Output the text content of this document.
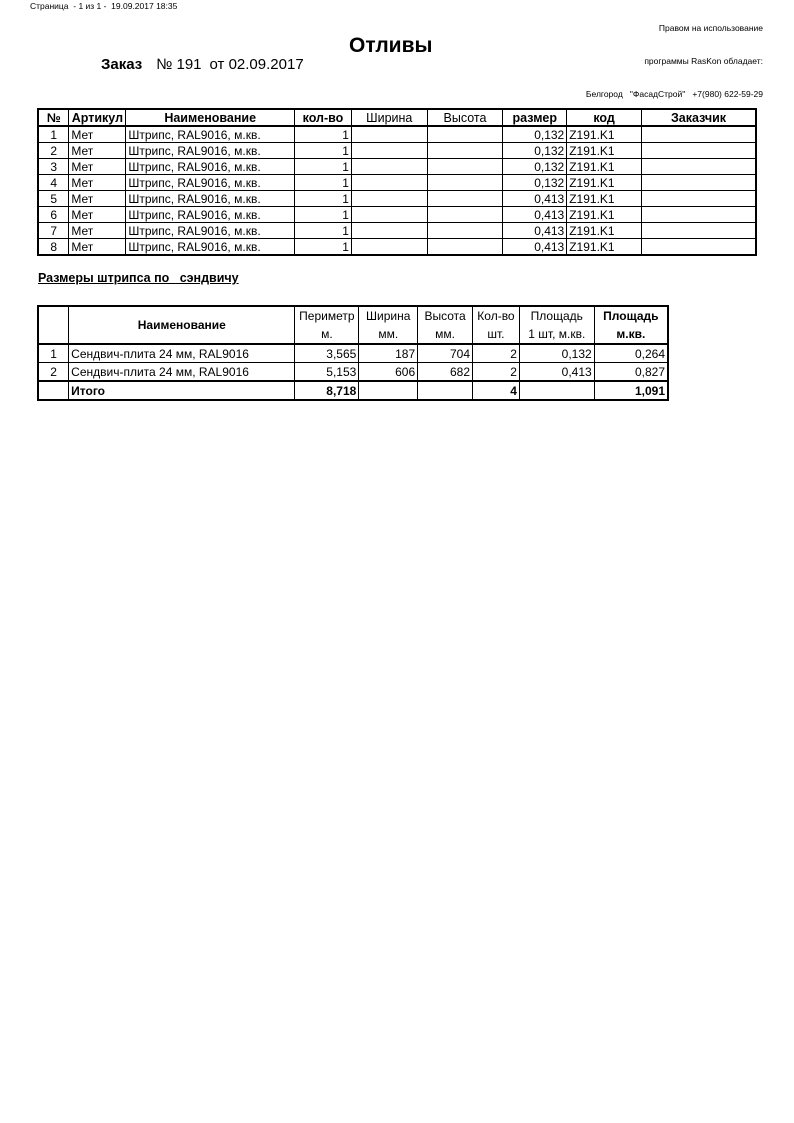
Страница  - 1 из 1 -  19.09.2017 18:35

Правом на использование

программы RasKon обладает:

Белгород   "ФасадСтрой"   +7(980) 622-59-29

Отливы
Заказ № 191 от 02.09.2017
№	Артикул	Наименование	кол-во	Ширина	Высота	размер	код	Заказчик
1	Мет	Штрипс, RAL9016, м.кв.	1			0,132	Z191.K1	
2	Мет	Штрипс, RAL9016, м.кв.	1			0,132	Z191.K1	
3	Мет	Штрипс, RAL9016, м.кв.	1			0,132	Z191.K1	
4	Мет	Штрипс, RAL9016, м.кв.	1			0,132	Z191.K1	
5	Мет	Штрипс, RAL9016, м.кв.	1			0,413	Z191.K1	
6	Мет	Штрипс, RAL9016, м.кв.	1			0,413	Z191.K1	
7	Мет	Штрипс, RAL9016, м.кв.	1			0,413	Z191.K1	
8	Мет	Штрипс, RAL9016, м.кв.	1			0,413	Z191.K1	
Размеры штрипса по   сэндвичу
	Наименование	Периметр	Ширина	Высота	Кол-во	Площадь	Площадь
		м.	мм.	мм.	шт.	1 шт, м.кв.	м.кв.
1	Сендвич-плита 24 мм, RAL9016	3,565	187	704	2	0,132	0,264
2	Сендвич-плита 24 мм, RAL9016	5,153	606	682	2	0,413	0,827
	Итого	8,718			4		1,091
